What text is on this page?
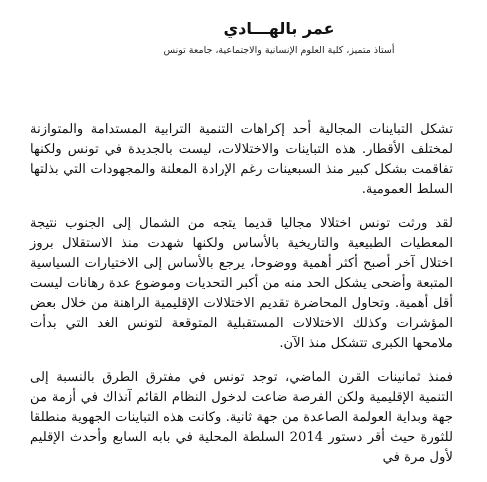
عمر بالهـــادي
أستاذ متميز، كلية العلوم الإنسانية والاجتماعية، جامعة تونس

تشكل التباينات المجالية أحد إكراهات التنمية الترابية المستدامة والمتوازنة لمختلف الأقطار. هذه التباينات والاختلالات، ليست بالجديدة في تونس ولكنها تفاقمت بشكل كبير منذ السبعينات رغم الإرادة المعلنة والمجهودات التي بذلتها السلط العمومية.

لقد ورثت تونس اختلالا مجاليا قديما يتجه من الشمال إلى الجنوب نتيجة المعطيات الطبيعية والتاريخية بالأساس ولكنها شهدت منذ الاستقلال بروز اختلال آخر أصبح أكثر أهمية ووضوحا، يرجع بالأساس إلى الاختيارات السياسية المتبعة وأضحى يشكل الحد منه من أكبر التحديات وموضوع عدة رهانات ليست أقل أهمية. وتحاول المحاضرة تقديم الاختلالات الإقليمية الراهنة من خلال بعض المؤشرات وكذلك الاختلالات المستقبلية المتوقعة لتونس الغد التي بدأت ملامحها الكبرى تتشكل منذ الآن.

فمنذ ثمانينات القرن الماضي، توجد تونس في مفترق الطرق بالنسبة إلى التنمية الإقليمية ولكن الفرصة ضاعت لدخول النظام القائم آنذاك في أزمة من جهة وبداية العولمة الصاعدة من جهة ثانية. وكانت هذه التباينات الجهوية منطلقا للثورة حيث أقر دستور 2014 السلطة المحلية في بابه السابع وأحدث الإقليم لأول مرة في
